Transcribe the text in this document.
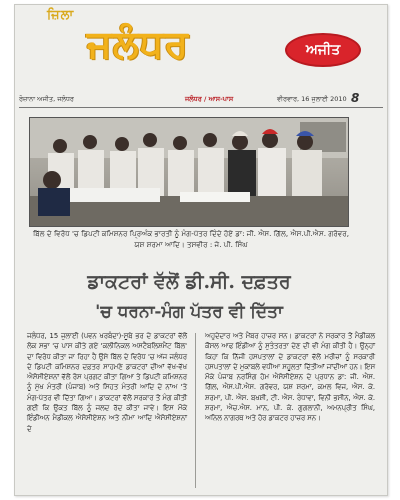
ਜ਼ਿਲਾ
ਜਲੰਧਰ	ਅਜੀਤ
ਰੋਜ਼ਾਨਾ ਅਜੀਤ, ਜਲੰਧਰ	ਜਲੰਧਰ / ਆਸ-ਪਾਸ	ਵੀਰਵਾਰ, 16 ਜੁਲਾਈ 2010 8
ਬਿੱਲ ਦੇ ਵਿਰੋਧ 'ਚ ਡਿਪਟੀ ਕਮਿਸ਼ਨਰ ਪ੍ਰਿਅੰਕ ਭਾਰਤੀ ਨੂੰ ਮੰਗ-ਪੱਤਰ ਦਿੰਦੇ ਹੋਏ ਡਾ: ਜੀ. ਐਸ. ਗਿੱਲ, ਐਸ.ਪੀ.ਐਸ. ਗਰੋਵਰ, ਯਸ਼ ਸ਼ਰਮਾ ਆਦਿ। ਤਸਵੀਰ : ਜੇ. ਪੀ. ਸਿੰਘ
ਡਾਕਟਰਾਂ ਵੱਲੋਂ ਡੀ.ਸੀ. ਦਫ਼ਤਰ
'ਚ ਧਰਨਾ-ਮੰਗ ਪੱਤਰ ਵੀ ਦਿੱਤਾ
ਜਲੰਧਰ, 15 ਜੁਲਾਈ (ਪਵਨ ਖਰਬੰਦਾ)-ਸੂਬੇ ਭਰ ਦੇ ਡਾਕਟਰਾਂ ਵੱਲੋਂ ਲੋਕ ਸਭਾ 'ਚ ਪਾਸ ਕੀਤੇ ਗਏ 'ਕਲੀਨਿਕਲ ਅਸਟੈਬਲਿਸ਼ਮੈਂਟ ਬਿੱਲ' ਦਾ ਵਿਰੋਧ ਕੀਤਾ ਜਾ ਰਿਹਾ ਹੈ ਉਸੇ ਬਿੱਲ ਦੇ ਵਿਰੋਧ 'ਚ ਅੱਜ ਜਲੰਧਰ ਦੇ ਡਿਪਟੀ ਕਮਿਸ਼ਨਰ ਦਫ਼ਤਰ ਸਾਹਮਣੇ ਡਾਕਟਰਾਂ ਦੀਆਂ ਵੱਖ-ਵੱਖ ਐਸੋਸੀਏਸ਼ਨਾਂ ਵੱਲੋਂ ਰੋਸ ਪ੍ਰਗਟ ਕੀਤਾ ਗਿਆ ਤੇ ਡਿਪਟੀ ਕਮਿਸ਼ਨਰ ਨੂੰ ਮੁੱਖ ਮੰਤਰੀ (ਪੰਜਾਬ) ਅਤੇ ਸਿਹਤ ਮੰਤਰੀ ਆਦਿ ਦੇ ਨਾਂਅ 'ਤੇ ਮੰਗ-ਪੱਤਰ ਵੀ ਦਿੱਤਾ ਗਿਆ। ਡਾਕਟਰਾਂ ਵੱਲੋਂ ਸਰਕਾਰ ਤੋਂ ਮੰਗ ਕੀਤੀ ਗਈ ਕਿ ਉਕਤ ਬਿੱਲ ਨੂੰ ਜਲਦ ਰੱਦ ਕੀਤਾ ਜਾਵੇ। ਇਸ ਮੌਕੇ ਇੰਡੀਅਨ ਮੈਡੀਕਲ ਐਸੋਸੀਏਸ਼ਨ ਅਤੇ ਨੀਮਾ ਆਦਿ ਐਸੋਸੀਏਸ਼ਨਾਂ ਦੇ
ਅਹੁਦੇਦਾਰ ਅਤੇ ਮੈਂਬਰ ਹਾਜ਼ਰ ਸਨ। ਡਾਕਟਰਾਂ ਨੇ ਸਰਕਾਰ ਤੋਂ ਮੈਡੀਕਲ ਕੌਂਸਲ ਆਫ ਇੰਡੀਆ ਨੂੰ ਸੁਤੰਤਰਤਾ ਦੇਣ ਦੀ ਵੀ ਮੰਗ ਕੀਤੀ ਹੈ। ਉਨ੍ਹਾਂ ਕਿਹਾ ਕਿ ਨਿੱਜੀ ਹਸਪਤਾਲਾਂ ਦੇ ਡਾਕਟਰਾਂ ਵੱਲੋਂ ਮਰੀਜ਼ਾਂ ਨੂੰ ਸਰਕਾਰੀ ਹਸਪਤਾਲਾਂ ਦੇ ਮੁਕਾਬਲੇ ਵਧੀਆ ਸਹੂਲਤਾਂ ਦਿੱਤੀਆਂ ਜਾਂਦੀਆਂ ਹਨ। ਇਸ ਮੌਕੇ ਪੰਜਾਬ ਨਰਸਿੰਗ ਹੋਮ ਐਸੋਸੀਏਸ਼ਨ ਦੇ ਪ੍ਰਧਾਨ ਡਾ: ਜੀ. ਐਸ. ਗਿੱਲ, ਐਸ.ਪੀ.ਐਸ. ਗਰੋਵਰ, ਯਸ਼ ਸ਼ਰਮਾ, ਕਮਲ ਵਿਜ, ਐਸ. ਕੇ. ਸ਼ਰਮਾ, ਪੀ. ਐਸ. ਬਖਸ਼ੀ, ਟੀ. ਐਸ. ਰੰਧਾਵਾ, ਵਿਨੀ ਭਸੀਨ, ਐਸ. ਕੇ. ਸ਼ਰਮਾ, ਐਚ.ਐਸ. ਮਾਨ, ਪੀ. ਕੇ. ਗੁਗਲਾਨੀ, ਅਮਨਪ੍ਰੀਤ ਸਿੰਘ, ਅਨਿਲ ਨਾਗਰਥ ਅਤੇ ਹੋਰ ਡਾਕਟਰ ਹਾਜ਼ਰ ਸਨ।
